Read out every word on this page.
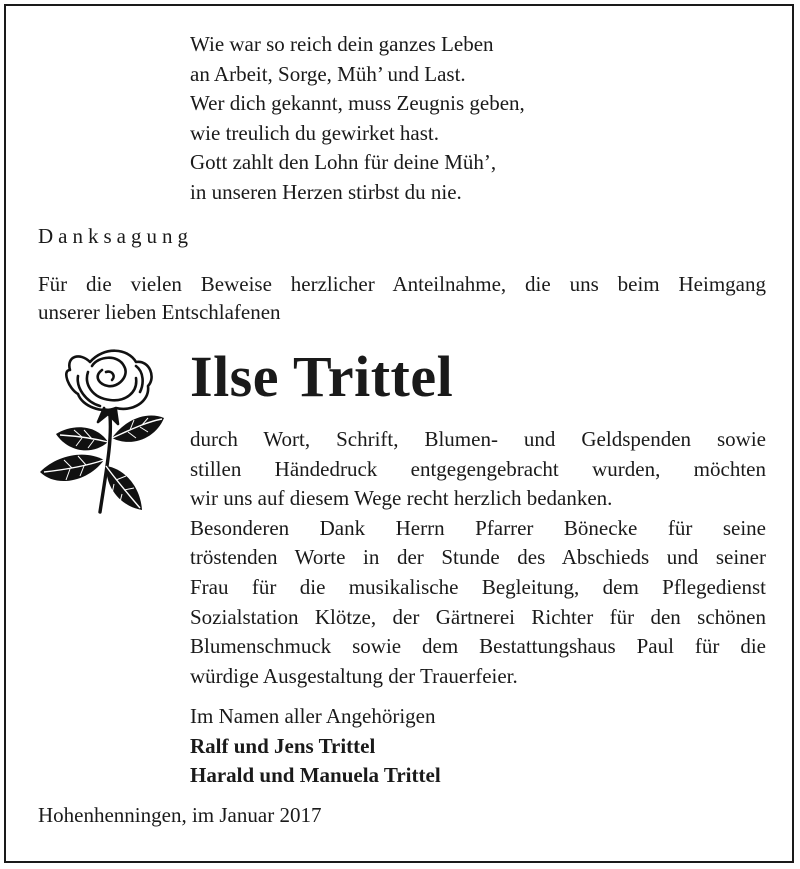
Wie war so reich dein ganzes Leben
an Arbeit, Sorge, Müh’ und Last.
Wer dich gekannt, muss Zeugnis geben,
wie treulich du gewirket hast.
Gott zahlt den Lohn für deine Müh’,
in unseren Herzen stirbst du nie.
Danksagung
Für die vielen Beweise herzlicher Anteilnahme, die uns beim Heimgang
unserer lieben Entschlafenen
Ilse Trittel
durch Wort, Schrift, Blumen- und Geldspenden sowie
stillen Händedruck entgegengebracht wurden, möchten
wir uns auf diesem Wege recht herzlich bedanken.
Besonderen Dank Herrn Pfarrer Bönecke für seine
tröstenden Worte in der Stunde des Abschieds und seiner
Frau für die musikalische Begleitung, dem Pflegedienst
Sozialstation Klötze, der Gärtnerei Richter für den schönen
Blumenschmuck sowie dem Bestattungshaus Paul für die
würdige Ausgestaltung der Trauerfeier.
Im Namen aller Angehörigen
Ralf und Jens Trittel
Harald und Manuela Trittel
Hohenhenningen, im Januar 2017
